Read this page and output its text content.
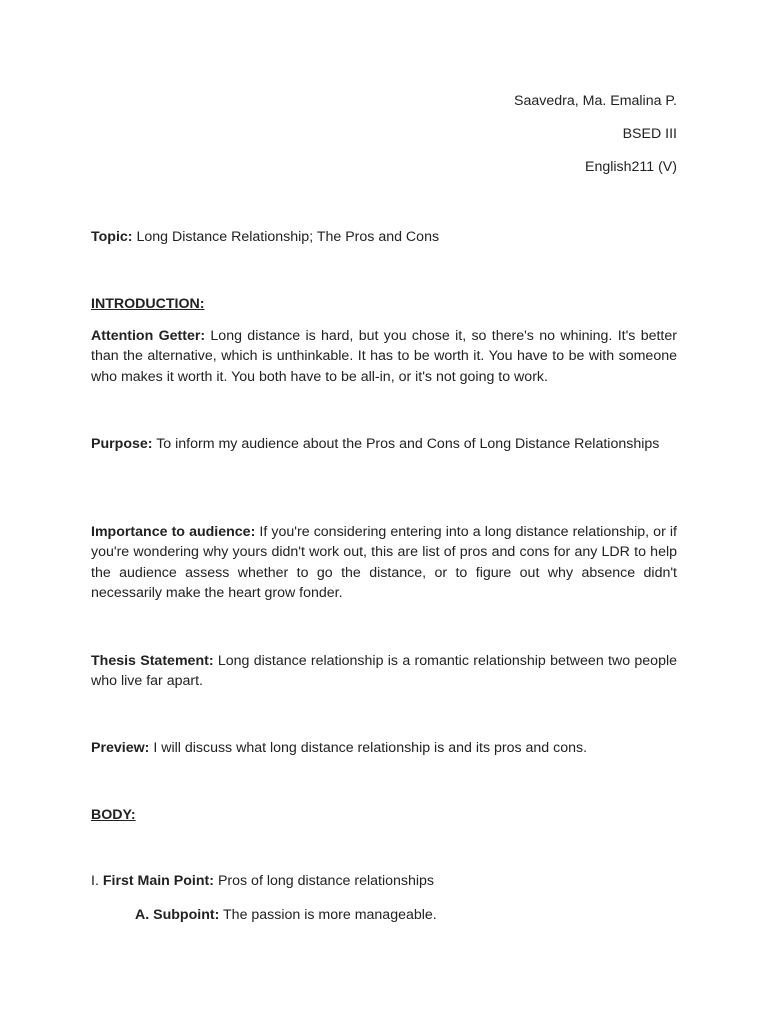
Saavedra, Ma. Emalina P.
BSED III
English211 (V)
Topic: Long Distance Relationship; The Pros and Cons
INTRODUCTION:
Attention Getter: Long distance is hard, but you chose it, so there's no whining. It's better than the alternative, which is unthinkable. It has to be worth it. You have to be with someone who makes it worth it. You both have to be all-in, or it's not going to work.
Purpose: To inform my audience about the Pros and Cons of Long Distance Relationships
Importance to audience: If you're considering entering into a long distance relationship, or if you're wondering why yours didn't work out, this are list of pros and cons for any LDR to help the audience assess whether to go the distance, or to figure out why absence didn't necessarily make the heart grow fonder.
Thesis Statement: Long distance relationship is a romantic relationship between two people who live far apart.
Preview: I will discuss what long distance relationship is and its pros and cons.
BODY:
I. First Main Point: Pros of long distance relationships
A. Subpoint: The passion is more manageable.
